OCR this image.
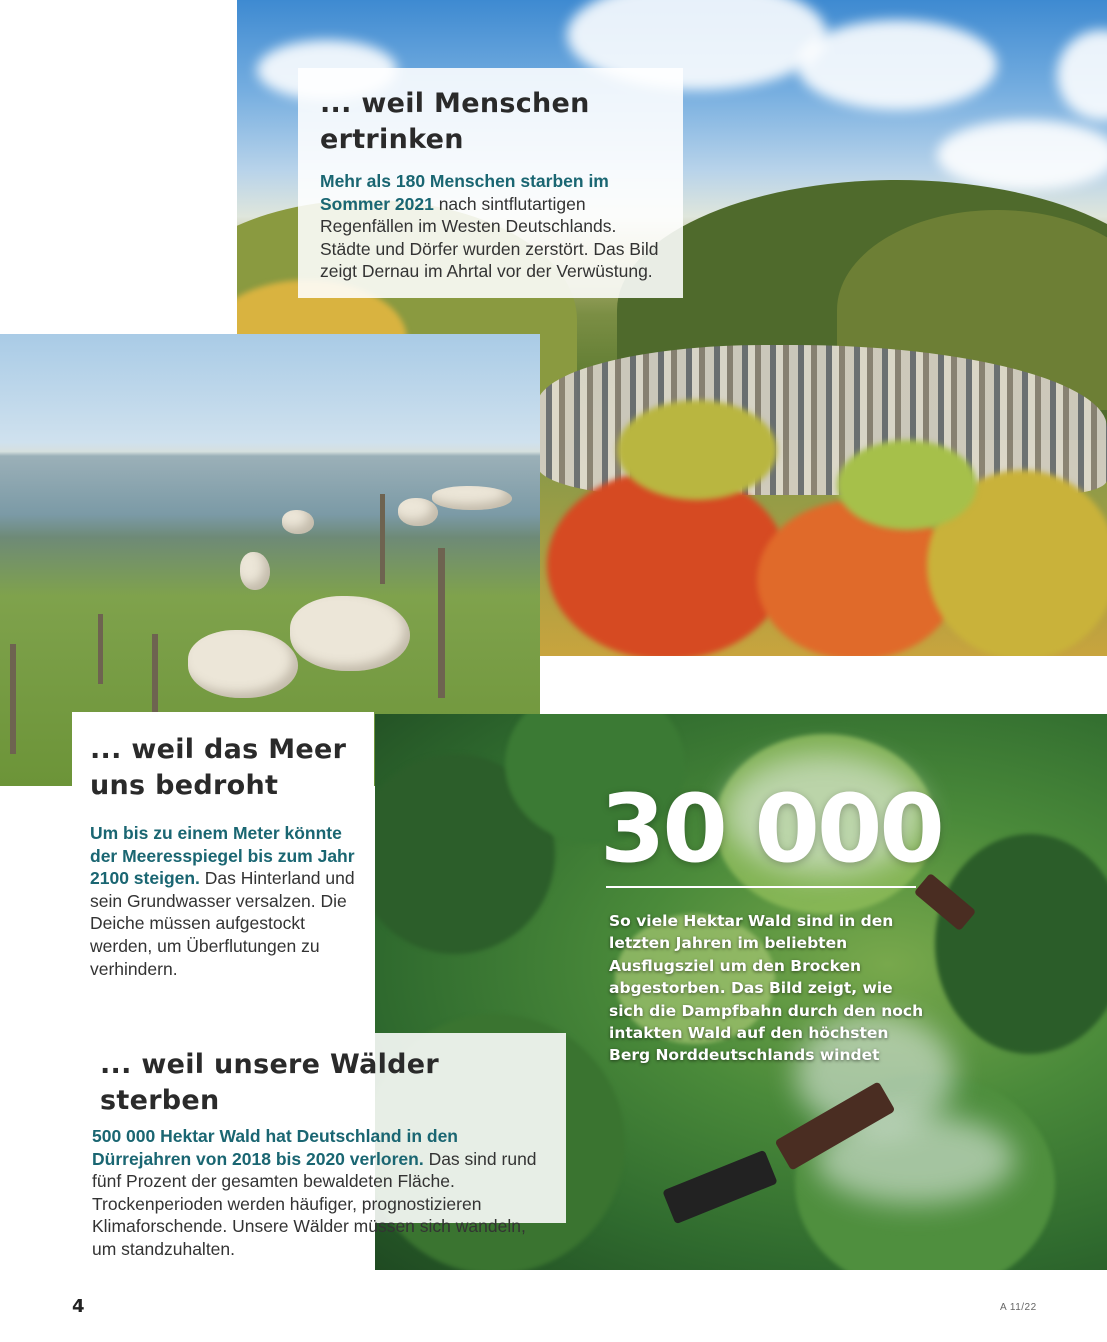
... weil Menschen ertrinken

Mehr als 180 Menschen starben im Sommer 2021 nach sintflutartigen Regenfällen im Westen Deutschlands. Städte und Dörfer wurden zerstört. Das Bild zeigt Dernau im Ahrtal vor der Verwüstung.

... weil das Meer uns bedroht

Um bis zu einem Meter könnte der Meeresspiegel bis zum Jahr 2100 steigen. Das Hinterland und sein Grundwasser versalzen. Die Deiche müssen aufgestockt werden, um Überflutungen zu verhindern.

... weil unsere Wälder sterben

500 000 Hektar Wald hat Deutschland in den Dürrejahren von 2018 bis 2020 verloren. Das sind rund fünf Prozent der gesamten bewaldeten Fläche. Trockenperioden werden häufiger, prognostizieren Klimaforschende. Unsere Wälder müssen sich wandeln, um standzuhalten.

30 000

So viele Hektar Wald sind in den letzten Jahren im beliebten Ausflugsziel um den Brocken abgestorben. Das Bild zeigt, wie sich die Dampfbahn durch den noch intakten Wald auf den höchsten Berg Norddeutschlands windet

4	A 11/22
